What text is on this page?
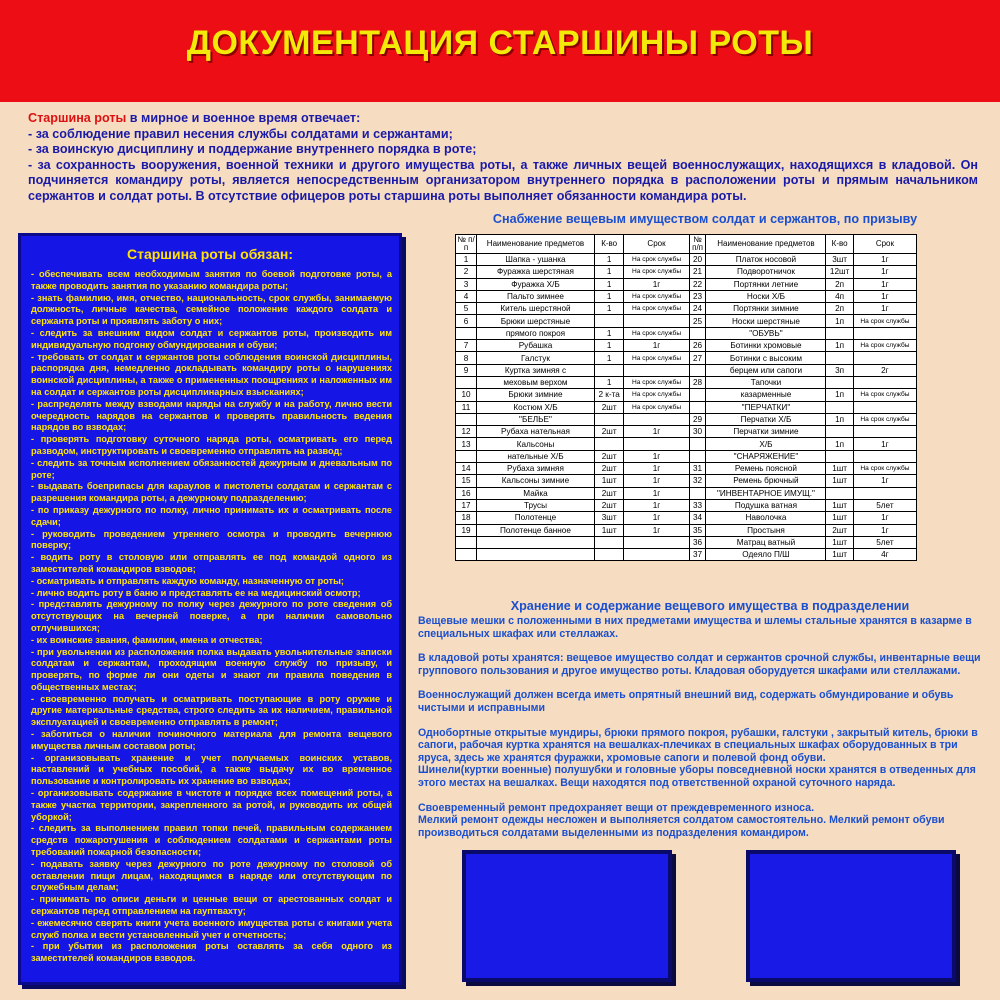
ДОКУМЕНТАЦИЯ СТАРШИНЫ РОТЫ

Старшина роты в мирное и военное время отвечает:

- за соблюдение правил несения службы солдатами и сержантами;

- за воинскую дисциплину и поддержание внутреннего порядка в роте;

- за сохранность вооружения, военной техники и другого имущества роты, а также личных вещей военнослужащих, находящихся в кладовой. Он подчиняется командиру роты, является непосредственным организатором внутреннего порядка в расположении роты и прямым начальником сержантов и солдат роты. В отсутствие офицеров роты старшина роты выполняет обязанности командира роты.

Старшина роты обязан:
- обеспечивать всем необходимым занятия по боевой подготовке роты, а также проводить занятия по указанию командира роты;
- знать фамилию, имя, отчество, национальность, срок службы, занимаемую должность, личные качества, семейное положение каждого солдата и сержанта роты и проявлять заботу о них;
- следить за внешним видом солдат и сержантов роты, производить им индивидуальную подгонку обмундирования и обуви;
- требовать от солдат и сержантов роты соблюдения воинской дисциплины, распорядка дня, немедленно докладывать командиру роты о нарушениях воинской дисциплины, а также о примененных поощрениях и наложенных им на солдат и сержантов роты дисциплинарных взысканиях;
- распределять между взводами наряды на службу и на работу, лично вести очередность нарядов на сержантов и проверять правильность ведения нарядов во взводах;
- проверять подготовку суточного наряда роты, осматривать его перед разводом, инструктировать и своевременно отправлять на развод;
- следить за точным исполнением обязанностей дежурным и дневальным по роте;
- выдавать боеприпасы для караулов и пистолеты солдатам и сержантам с разрешения командира роты, а дежурному подразделению;
- по приказу дежурного по полку, лично принимать их и осматривать после сдачи;
- руководить проведением утреннего осмотра и проводить вечернюю поверку;
- водить роту в столовую или отправлять ее под командой одного из заместителей командиров взводов;
- осматривать и отправлять каждую команду, назначенную от роты;
- лично водить роту в баню и представлять ее на медицинский осмотр;
- представлять дежурному по полку через дежурного по роте сведения об отсутствующих на вечерней поверке, а при наличии самовольно отлучившихся;
- их воинские звания, фамилии, имена и отчества;
- при увольнении из расположения полка выдавать увольнительные записки солдатам и сержантам, проходящим военную службу по призыву, и проверять, по форме ли они одеты и знают ли правила поведения в общественных местах;
- своевременно получать и осматривать поступающие в роту оружие и другие материальные средства, строго следить за их наличием, правильной эксплуатацией и своевременно отправлять в ремонт;
- заботиться о наличии починочного материала для ремонта вещевого имущества личным составом роты;
- организовывать хранение и учет получаемых воинских уставов, наставлений и учебных пособий, а также выдачу их во временное пользование и контролировать их хранение во взводах;
- организовывать содержание в чистоте и порядке всех помещений роты, а также участка территории, закрепленного за ротой, и руководить их общей уборкой;
- следить за выполнением правил топки печей, правильным содержанием средств пожаротушения и соблюдением солдатами и сержантами роты требований пожарной безопасности;
- подавать заявку через дежурного по роте дежурному по столовой об оставлении пищи лицам, находящимся в наряде или отсутствующим по служебным делам;
- принимать по описи деньги и ценные вещи от арестованных солдат и сержантов перед отправлением на гауптвахту;
- ежемесячно сверять книги учета военного имущества роты с книгами учета служб полка и вести установленный учет и отчетность;
- при убытии из расположения роты оставлять за себя одного из заместителей командиров взводов.
Снабжение вещевым имуществом солдат и сержантов, по призыву
№ п/п	Наименование предметов	К-во	Срок	№ п/п	Наименование предметов	К-во	Срок
1	Шапка - ушанка	1	На срок службы	20	Платок носовой	3шт	1г
2	Фуражка шерстяная	1	На срок службы	21	Подворотничок	12шт	1г
3	Фуражка Х/Б	1	1г	22	Портянки летние	2п	1г
4	Пальто зимнее	1	На срок службы	23	Носки Х/Б	4п	1г
5	Китель шерстяной	1	На срок службы	24	Портянки зимние	2п	1г
6	Брюки шерстяные			25	Носки шерстяные	1п	На срок службы
	прямого покроя	1	На срок службы		"ОБУВЬ"		
7	Рубашка	1	1г	26	Ботинки хромовые	1п	На срок службы
8	Галстук	1	На срок службы	27	Ботинки с высоким		
9	Куртка зимняя с				берцем или сапоги	3п	2г
	меховым верхом	1	На срок службы	28	Тапочки		
10	Брюки зимние	2 к-та	На срок службы		казарменные	1п	На срок службы
11	Костюм Х/Б	2шт	На срок службы		"ПЕРЧАТКИ"		
	"БЕЛЬЕ"			29	Перчатки Х/Б	1п	На срок службы
12	Рубаха нательная	2шт	1г	30	Перчатки зимние		
13	Кальсоны				Х/Б	1п	1г
	нательные Х/Б	2шт	1г		"СНАРЯЖЕНИЕ"		
14	Рубаха зимняя	2шт	1г	31	Ремень поясной	1шт	На срок службы
15	Кальсоны зимние	1шт	1г	32	Ремень брючный	1шт	1г
16	Майка	2шт	1г		"ИНВЕНТАРНОЕ ИМУЩ."		
17	Трусы	2шт	1г	33	Подушка ватная	1шт	5лет
18	Полотенце	3шт	1г	34	Наволочка	1шт	1г
19	Полотенце банное	1шт	1г	35	Простыня	2шт	1г
				36	Матрац ватный	1шт	5лет
				37	Одеяло П/Ш	1шт	4г
Хранение и содержание вещевого имущества в подразделении

Вещевые мешки с положенными в них предметами имущества и шлемы стальные хранятся в казарме в специальных шкафах или стеллажах.

В кладовой роты хранятся: вещевое имущество солдат и сержантов срочной службы, инвентарные вещи группового пользования и другое имущество роты. Кладовая оборудуется шкафами или стеллажами.

Военнослужащий должен всегда иметь опрятный внешний вид, содержать обмундирование и обувь чистыми и исправными

Однобортные открытые мундиры, брюки прямого покроя, рубашки, галстуки , закрытый китель, брюки в сапоги, рабочая куртка хранятся на вешалках-плечиках в специальных шкафах оборудованных в три яруса, здесь же хранятся фуражки, хромовые сапоги и полевой фонд обуви.

Шинели(куртки военные) полушубки и головные уборы повседневной носки хранятся в отведенных для этого местах на вешалках. Вещи находятся под ответственной охраной суточного наряда.

Своевременный ремонт предохраняет вещи от преждевременного износа.

Мелкий ремонт одежды несложен и выполняется солдатом самостоятельно. Мелкий ремонт обуви производиться солдатами выделенными из подразделения командиром.
